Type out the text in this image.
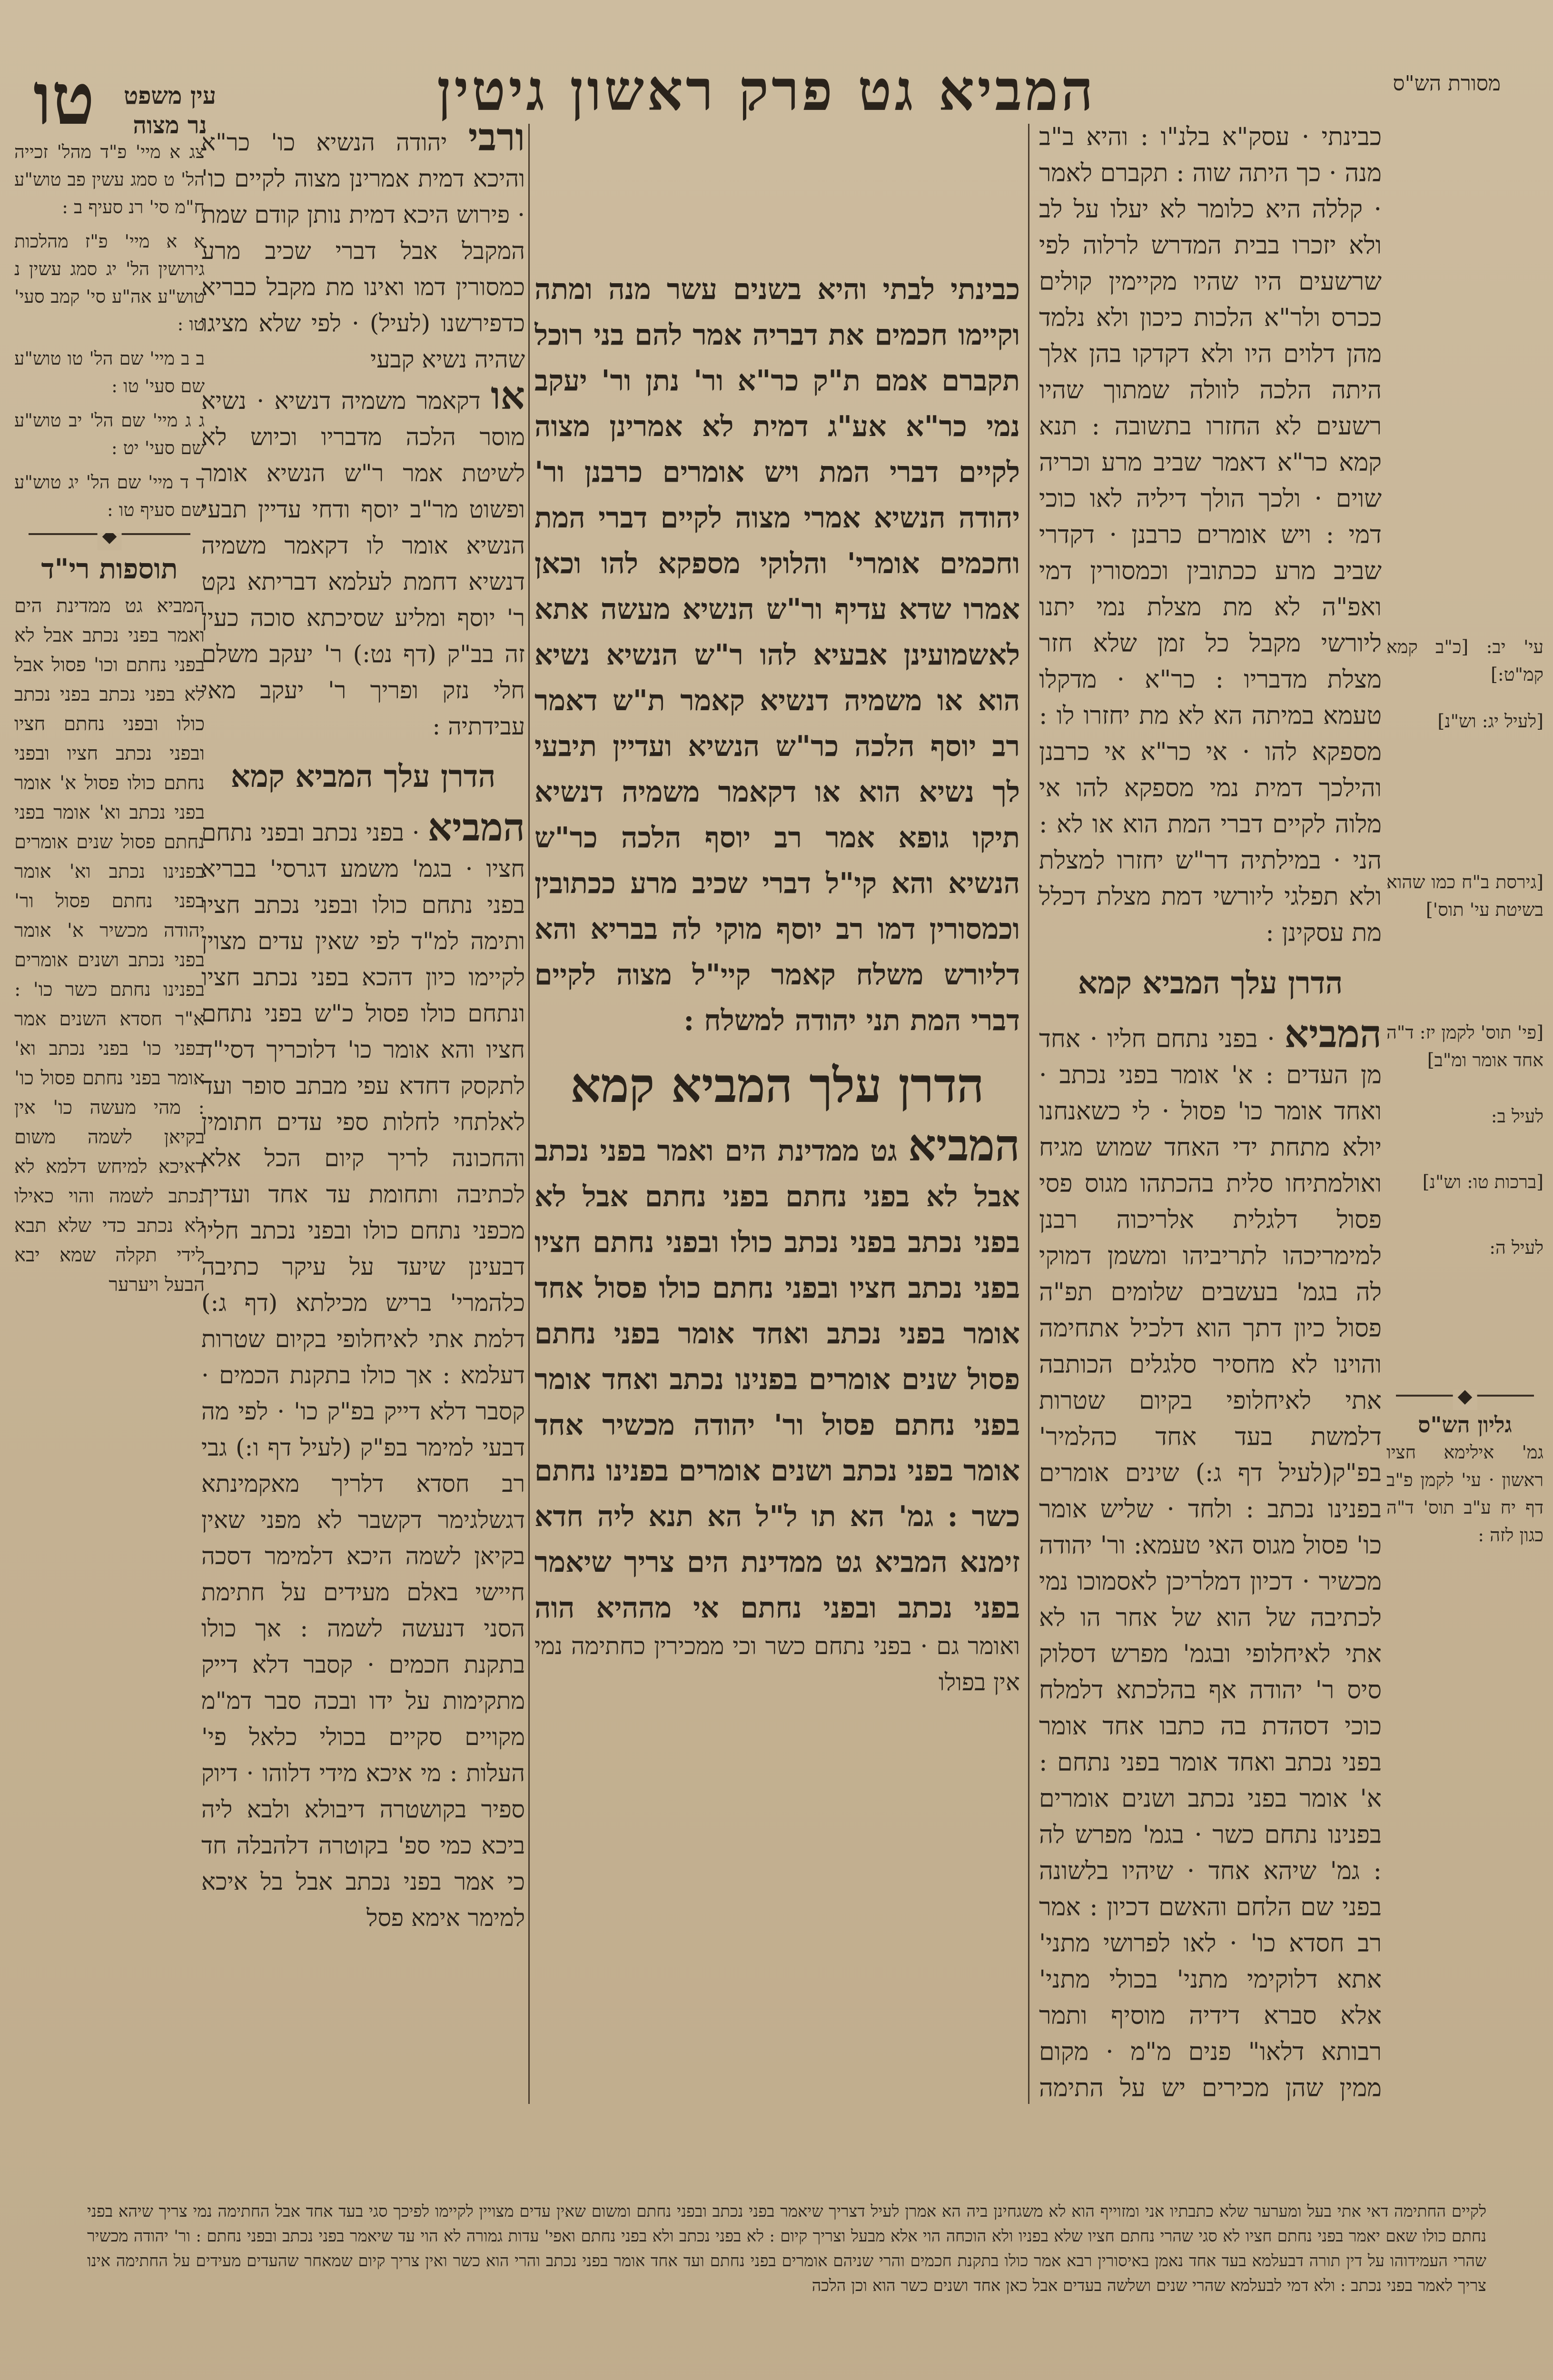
מסורת הש"ס
המביא גט פרק ראשון גיטין
טו	עין משפט
נר מצוה

עי' יב: [כ"ב קמא קמ"ט:]

[לעיל יג: וש"נ]

[גירסת ב"ח כמו שהוא בשיטת עי' תוס']

[פי' תוס' לקמן יז: ד"ה אחד אומר ומ"ב]

לעיל ב:

[ברכות טו: וש"נ]

לעיל ה:

◆

גליון הש"ס

גמ' אילימא חציו ראשון · עי' לקמן פ"ב דף יח ע"ב תוס' ד"ה כגון לזה :

כבינתי · עסק"א בלנ"ו : והיא ב"ב מנה · כך היתה שוה : תקברם לאמר · קללה היא כלומר לא יעלו על לב ולא יזכרו בבית המדרש לרלוה לפי שרשעים היו שהיו מקיימין קולים ככרס ולר"א הלכות כיכון ולא נלמד מהן דלוים היו ולא דקדקו בהן אלך היתה הלכה לוולה שמתוך שהיו רשעים לא החזרו בתשובה : תנא קמא כר"א דאמר שביב מרע וכריה שוים · ולכך הולך דיליה לאו כוכי דמי : ויש אומרים כרבנן · דקדרי שביב מרע ככתובין וכמסורין דמי ואפ"ה לא מת מצלת נמי יתנו ליורשי מקבל כל זמן שלא חזר מצלת מדבריו : כר"א · מדקלו טעמא במיתה הא לא מת יחזרו לו : מספקא להו · אי כר"א אי כרבנן והילכך דמית נמי מספקא להו אי מלוה לקיים דברי המת הוא או לא : הני · במילתיה דר"ש יחזרו למצלת ולא תפלגי ליורשי דמת מצלת דכלל מת עסקינן :

הדרן עלך המביא קמא

המביא · בפני נתחם חליו · אחד מן העדים : א' אומר בפני נכתב · ואחד אומר כו' פסול · לי כשאנחנו יולא מתחת ידי האחד שמוש מגיח ואולמתיחו סלית בהכתהו מגוס פסי פסול דלגלית אלריכוה רבנן למימריכהו לתריביהו ומשמן דמוקי לה בגמ' בעשבים שלומים תפ"ה פסול כיון דתך הוא דלכיל אתחימה והוינו לא מחסיר סלגלים הכותבה אתי לאיחלופי בקיום שטרות דלמשת בעד אחד כהלמיר' בפ"ק(לעיל דף ג:) שינים אומרים בפנינו נכתב : ולחד · שליש אומר כו' פסול מגוס האי טעמא: ור' יהודה מכשיר · דכיון דמלריכן לאסמוכו נמי לכתיבה של הוא של אחר הו לא אתי לאיחלופי ובגמ' מפרש דסלוק סיס ר' יהודה אף בהלכתא דלמלח כוכי דסהדת בה כתבו אחד אומר בפני נכתב ואחד אומר בפני נתחם : א' אומר בפני נכתב ושנים אומרים בפנינו נתחם כשר · בגמ' מפרש לה : גמ' שיהא אחד · שיהיו בלשונה בפני שם הלחם והאשם דכיון : אמר רב חסדא כו' · לאו לפרושי מתני' אתא דלוקימי מתני' בכולי מתני' אלא סברא דידיה מוסיף ותמר רבותא דלאו" פנים מ"מ · מקום ממין שהן מכירים יש על התימה

כבינתי לבתי והיא בשנים עשר מנה ומתה וקיימו חכמים את דבריה אמר להם בני רוכל תקברם אמם ת"ק כר"א ור' נתן ור' יעקב נמי כר"א אע"ג דמית לא אמרינן מצוה לקיים דברי המת ויש אומרים כרבנן ור' יהודה הנשיא אמרי מצוה לקיים דברי המת וחכמים אומרי' והלוקי מספקא להו וכאן אמרו שדא עדיף ור"ש הנשיא מעשה אתא לאשמועינן אבעיא להו ר"ש הנשיא נשיא הוא או משמיה דנשיא קאמר ת"ש דאמר רב יוסף הלכה כר"ש הנשיא ועדיין תיבעי לך נשיא הוא או דקאמר משמיה דנשיא תיקו גופא אמר רב יוסף הלכה כר"ש הנשיא והא קי"ל דברי שכיב מרע ככתובין וכמסורין דמו רב יוסף מוקי לה בבריא והא דליורש משלח קאמר קיי"ל מצוה לקיים דברי המת תני יהודה למשלח :

הדרן עלך המביא קמא

המביא גט ממדינת הים ואמר בפני נכתב אבל לא בפני נחתם בפני נחתם אבל לא בפני נכתב בפני נכתב כולו ובפני נחתם חציו בפני נכתב חציו ובפני נחתם כולו פסול אחד אומר בפני נכתב ואחד אומר בפני נחתם פסול שנים אומרים בפנינו נכתב ואחד אומר בפני נחתם פסול ור' יהודה מכשיר אחד אומר בפני נכתב ושנים אומרים בפנינו נחתם כשר : גמ' הא תו ל"ל הא תנא ליה חדא זימנא המביא גט ממדינת הים צריך שיאמר בפני נכתב ובפני נחתם אי מההיא הוה

ורבי יהודה הנשיא כו' כר"א והיכא דמית אמרינן מצוה לקיים כו' · פירוש היכא דמית נותן קודם שמת המקבל אבל דברי שכיב מרע כמסורין דמו ואינו מת מקבל כבריא כדפירשנו (לעיל) · לפי שלא מציגו שהיה נשיא קבעי

או דקאמר משמיה דנשיא · נשיא מוסר הלכה מדבריו וכיוש לא לשיטת אמר ר"ש הנשיא אומר ופשוט מר"ב יוסף ודחי עדיין תבעי הנשיא אומר לו דקאמר משמיה דנשיא דחמת לעלמא דבריתא נקט ר' יוסף ומליע שסיכתא סוכה כעין זה בב"ק (דף נט:) ר' יעקב משלם חלי נזק ופריך ר' יעקב מאי עבידתיה :

הדרן עלך המביא קמא

המביא · בפני נכתב ובפני נתחם חציו · בגמ' משמע דגרסי' בבריא בפני נתחם כולו ובפני נכתב חציו ותימה למ"ד לפי שאין עדים מצוין לקיימו כיון דהכא בפני נכתב חציו ונתחם כולו פסול כ"ש בפני נתחם חציו והא אומר כו' דלוכריך דסי"ד לתקסק דחדא עפי מבתב סופר ועד לאלתחי לחלות ספי עדים חתומין והחכונה לריך קיום הכל אלא לכתיבה ותחומת עד אחד ועדיך מכפני נתחם כולו ובפני נכתב חליו דבעינן שיעד על עיקר כתיבה כלהמרי' בריש מכילתא (דף ג:) דלמת אתי לאיחלופי בקיום שטרות דעלמא : אך כולו בתקנת הכמים · קסבר דלא דייק בפ"ק כו' · לפי מה דבעי למימר בפ"ק (לעיל דף ו:) גבי רב חסדא דלריך מאקמינתא דגשלגימר דקשבר לא מפני שאין בקיאן לשמה היכא דלמימר דסכה חיישי באלם מעידים על חתימת הסני דנעשה לשמה : אך כולו בתקנת חכמים · קסבר דלא דייק מתקימות על ידו ובכה סבר דמ"מ מקויים סקיים בכולי כלאל פי' העלות : מי איכא מידי דלוהו · דיוק ספיר בקושטרה דיבולא ולבא ליה ביכא כמי ספ' בקוטרה דלהבלה חד כי אמר בפני נכתב אבל בל איכא למימר אימא פסל

ואומר גם · בפני נתחם כשר וכי ממכירין כחתימה נמי אין בפולו

צג א מיי' פ"ד מהל' זכייה הל' ט סמג עשין פב טוש"ע ח"מ סי' רנ סעיף ב :

א א מיי' פ"ז מהלכות גירושין הל' יג סמג עשין נ טוש"ע אה"ע סי' קמב סעי' טו :

ב ב מיי' שם הל' טו טוש"ע שם סעי' טו :

ג ג מיי' שם הל' יב טוש"ע שם סעי' יט :

ד ד מיי' שם הל' יג טוש"ע שם סעיף טו :

◆

תוספות רי"ד

המביא גט ממדינת הים ואמר בפני נכתב אבל לא בפני נחתם וכו' פסול אבל לא בפני נכתב בפני נכתב כולו ובפני נחתם חציו ובפני נכתב חציו ובפני נחתם כולו פסול א' אומר בפני נכתב וא' אומר בפני נחתם פסול שנים אומרים בפנינו נכתב וא' אומר בפני נחתם פסול ור' יהודה מכשיר א' אומר בפני נכתב ושנים אומרים בפנינו נחתם כשר כו' : א"ר חסדא השנים אמר בפני כו' בפני נכתב וא' אומר בפני נחתם פסול כו' : מהי מעשה כו' אין בקיאן לשמה משום דאיכא למיחש דלמא לא נכתב לשמה והוי כאילו לא נכתב כדי שלא תבא לידי תקלה שמא יבא הבעל ויערער

לקיים החתימה דאי אתי בעל ומערער שלא כתבתיו אני ומזוייף הוא לא משגחינן ביה הא אמרן לעיל דצריך שיאמר בפני נכתב ובפני נחתם ומשום שאין עדים מצויין לקיימו לפיכך סגי בעד אחד אבל החתימה נמי צריך שיהא בפני נחתם כולו שאם יאמר בפני נחתם חציו לא סגי שהרי נחתם חציו שלא בפניו ולא הוכחה הוי אלא מבעל וצריך קיום : לא בפני נכתב ולא בפני נחתם ואפי' עדות גמורה לא הוי עד שיאמר בפני נכתב ובפני נחתם : ור' יהודה מכשיר שהרי העמידוהו על דין תורה דבעלמא בעד אחד נאמן באיסורין רבא אמר כולו בתקנת חכמים והרי שניהם אומרים בפני נחתם ועד אחד אומר בפני נכתב והרי הוא כשר ואין צריך קיום שמאחר שהעדים מעידים על החתימה אינו צריך לאמר בפני נכתב : ולא דמי לבעלמא שהרי שנים ושלשה בעדים אבל כאן אחד ושנים כשר הוא וכן הלכה
